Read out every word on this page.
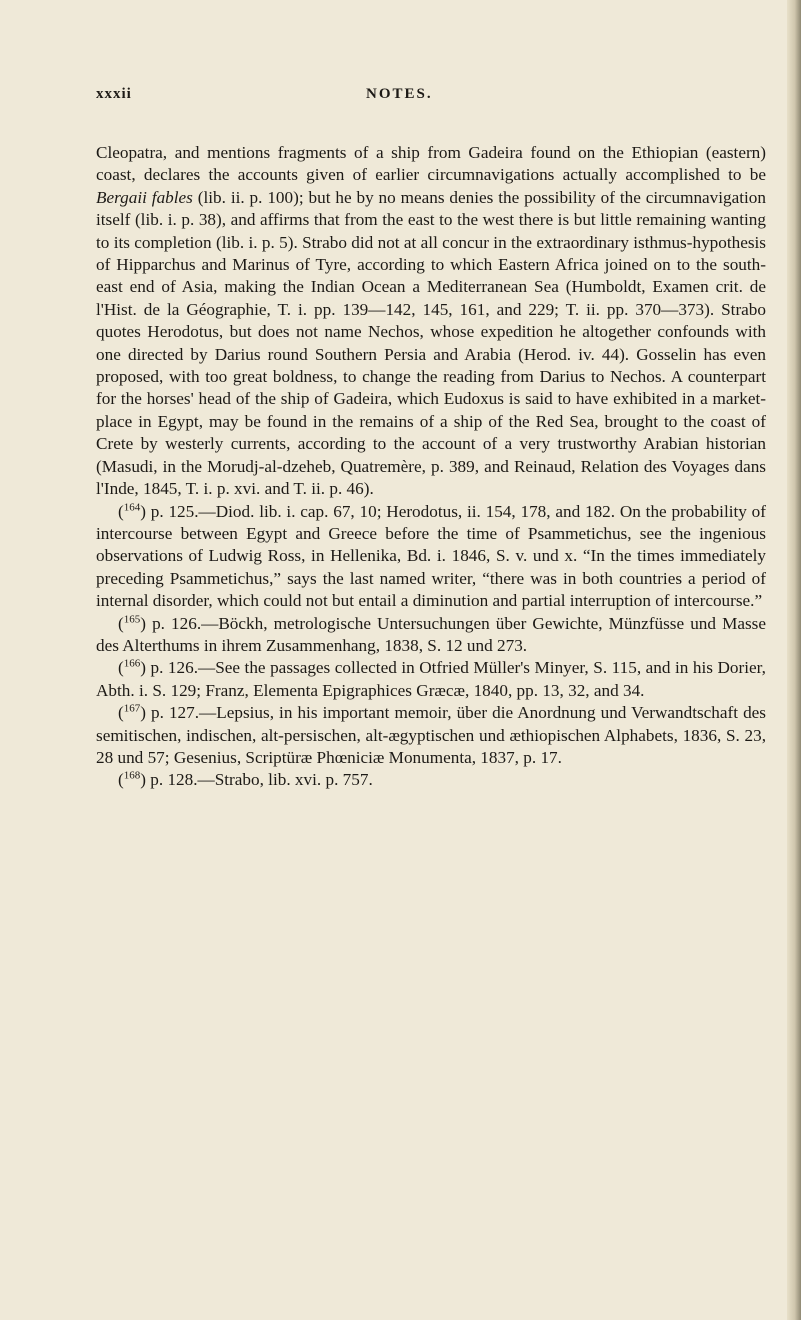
xxxii	NOTES.

Cleopatra, and mentions fragments of a ship from Gadeira found on the Ethiopian (eastern) coast, declares the accounts given of earlier circumnavigations actually accomplished to be Bergaii fables (lib. ii. p. 100); but he by no means denies the possibility of the circumnavigation itself (lib. i. p. 38), and affirms that from the east to the west there is but little remaining wanting to its completion (lib. i. p. 5). Strabo did not at all concur in the extraordinary isthmus-hypothesis of Hipparchus and Marinus of Tyre, according to which Eastern Africa joined on to the south-east end of Asia, making the Indian Ocean a Mediterranean Sea (Humboldt, Examen crit. de l'Hist. de la Géographie, T. i. pp. 139—142, 145, 161, and 229; T. ii. pp. 370—373). Strabo quotes Herodotus, but does not name Nechos, whose expedition he altogether confounds with one directed by Darius round Southern Persia and Arabia (Herod. iv. 44). Gosselin has even proposed, with too great boldness, to change the reading from Darius to Nechos. A counterpart for the horses' head of the ship of Gadeira, which Eudoxus is said to have exhibited in a market-place in Egypt, may be found in the remains of a ship of the Red Sea, brought to the coast of Crete by westerly currents, according to the account of a very trustworthy Arabian historian (Masudi, in the Morudj-al-dzeheb, Quatremère, p. 389, and Reinaud, Relation des Voyages dans l'Inde, 1845, T. i. p. xvi. and T. ii. p. 46).

($^{164}$) p. 125.—Diod. lib. i. cap. 67, 10; Herodotus, ii. 154, 178, and 182. On the probability of intercourse between Egypt and Greece before the time of Psammetichus, see the ingenious observations of Ludwig Ross, in Hellenika, Bd. i. 1846, S. v. und x. “In the times immediately preceding Psammetichus,” says the last named writer, “there was in both countries a period of internal disorder, which could not but entail a diminution and partial interruption of intercourse.”

($^{165}$) p. 126.—Böckh, metrologische Untersuchungen über Gewichte, Münzfüsse und Masse des Alterthums in ihrem Zusammenhang, 1838, S. 12 und 273.

($^{166}$) p. 126.—See the passages collected in Otfried Müller's Minyer, S. 115, and in his Dorier, Abth. i. S. 129; Franz, Elementa Epigraphices Græcæ, 1840, pp. 13, 32, and 34.

($^{167}$) p. 127.—Lepsius, in his important memoir, über die Anordnung und Verwandtschaft des semitischen, indischen, alt-persischen, alt-ægyptischen und æthiopischen Alphabets, 1836, S. 23, 28 und 57; Gesenius, Scriptüræ Phœniciæ Monumenta, 1837, p. 17.

($^{168}$) p. 128.—Strabo, lib. xvi. p. 757.
